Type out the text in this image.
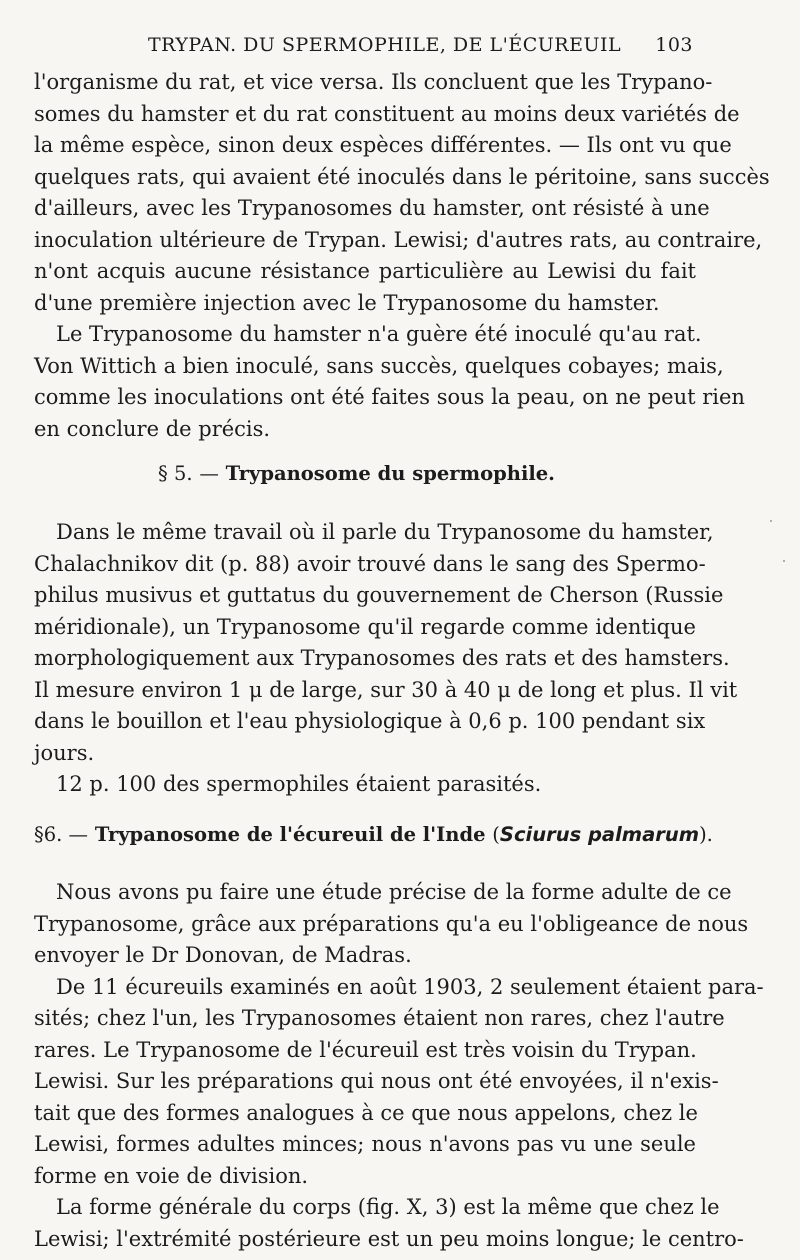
TRYPAN. DU SPERMOPHILE, DE L'ÉCUREUIL 103
l'organisme du rat, et vice versa. Ils concluent que les Trypano-
somes du hamster et du rat constituent au moins deux variétés de
la même espèce, sinon deux espèces différentes. — Ils ont vu que
quelques rats, qui avaient été inoculés dans le péritoine, sans succès
d'ailleurs, avec les Trypanosomes du hamster, ont résisté à une
inoculation ultérieure de Trypan. Lewisi; d'autres rats, au contraire,
n'ont acquis aucune résistance particulière au Lewisi du fait
d'une première injection avec le Trypanosome du hamster.
Le Trypanosome du hamster n'a guère été inoculé qu'au rat.
Von Wittich a bien inoculé, sans succès, quelques cobayes; mais,
comme les inoculations ont été faites sous la peau, on ne peut rien
en conclure de précis.
§ 5. — Trypanosome du spermophile.
Dans le même travail où il parle du Trypanosome du hamster,
Chalachnikov dit (p. 88) avoir trouvé dans le sang des Spermo-
philus musivus et guttatus du gouvernement de Cherson (Russie
méridionale), un Trypanosome qu'il regarde comme identique
morphologiquement aux Trypanosomes des rats et des hamsters.
Il mesure environ 1 μ de large, sur 30 à 40 μ de long et plus. Il vit
dans le bouillon et l'eau physiologique à 0,6 p. 100 pendant six
jours.
12 p. 100 des spermophiles étaient parasités.
§6. — Trypanosome de l'écureuil de l'Inde (Sciurus palmarum).
Nous avons pu faire une étude précise de la forme adulte de ce
Trypanosome, grâce aux préparations qu'a eu l'obligeance de nous
envoyer le Dr Donovan, de Madras.
De 11 écureuils examinés en août 1903, 2 seulement étaient para-
sités; chez l'un, les Trypanosomes étaient non rares, chez l'autre
rares. Le Trypanosome de l'écureuil est très voisin du Trypan.
Lewisi. Sur les préparations qui nous ont été envoyées, il n'exis-
tait que des formes analogues à ce que nous appelons, chez le
Lewisi, formes adultes minces; nous n'avons pas vu une seule
forme en voie de division.
La forme générale du corps (fig. X, 3) est la même que chez le
Lewisi; l'extrémité postérieure est un peu moins longue; le centro-
